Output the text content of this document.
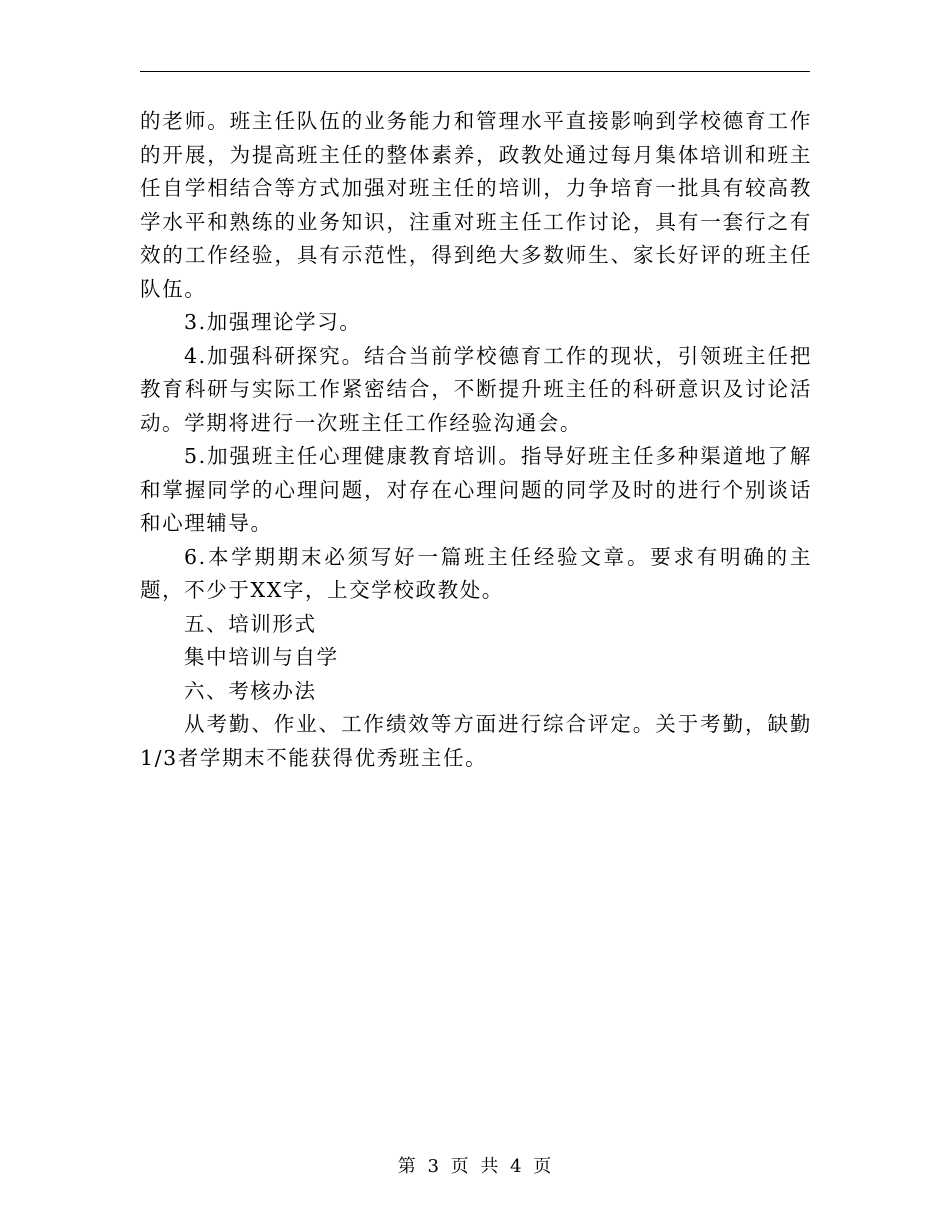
的老师。班主任队伍的业务能力和管理水平直接影响到学校德育工作的开展，为提高班主任的整体素养，政教处通过每月集体培训和班主任自学相结合等方式加强对班主任的培训，力争培育一批具有较高教学水平和熟练的业务知识，注重对班主任工作讨论，具有一套行之有效的工作经验，具有示范性，得到绝大多数师生、家长好评的班主任队伍。

3.加强理论学习。

4.加强科研探究。结合当前学校德育工作的现状，引领班主任把教育科研与实际工作紧密结合，不断提升班主任的科研意识及讨论活动。学期将进行一次班主任工作经验沟通会。

5.加强班主任心理健康教育培训。指导好班主任多种渠道地了解和掌握同学的心理问题，对存在心理问题的同学及时的进行个别谈话和心理辅导。

6.本学期期末必须写好一篇班主任经验文章。要求有明确的主题，不少于XX字，上交学校政教处。

五、培训形式

集中培训与自学

六、考核办法

从考勤、作业、工作绩效等方面进行综合评定。关于考勤，缺勤1/3者学期末不能获得优秀班主任。

第 3 页 共 4 页
